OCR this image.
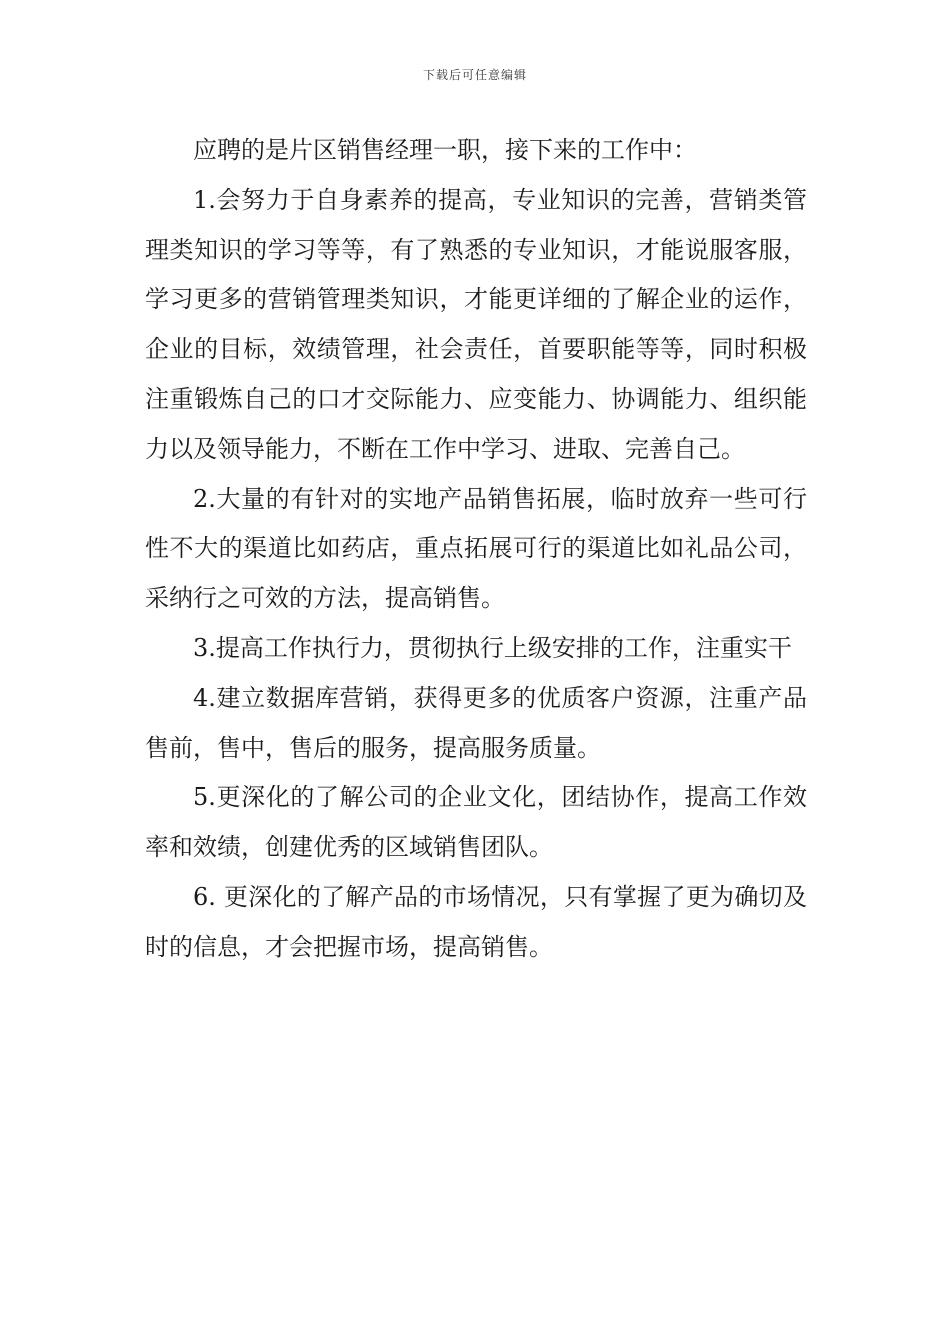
下载后可任意编辑

应聘的是片区销售经理一职，接下来的工作中：

1.会努力于自身素养的提高，专业知识的完善，营销类管理类知识的学习等等，有了熟悉的专业知识，才能说服客服，学习更多的营销管理类知识，才能更详细的了解企业的运作，企业的目标，效绩管理，社会责任，首要职能等等，同时积极注重锻炼自己的口才交际能力、应变能力、协调能力、组织能力以及领导能力，不断在工作中学习、进取、完善自己。

2.大量的有针对的实地产品销售拓展，临时放弃一些可行性不大的渠道比如药店，重点拓展可行的渠道比如礼品公司，采纳行之可效的方法，提高销售。

3.提高工作执行力，贯彻执行上级安排的工作，注重实干

4.建立数据库营销，获得更多的优质客户资源，注重产品售前，售中，售后的服务，提高服务质量。

5.更深化的了解公司的企业文化，团结协作，提高工作效率和效绩，创建优秀的区域销售团队。

6. 更深化的了解产品的市场情况，只有掌握了更为确切及时的信息，才会把握市场，提高销售。
